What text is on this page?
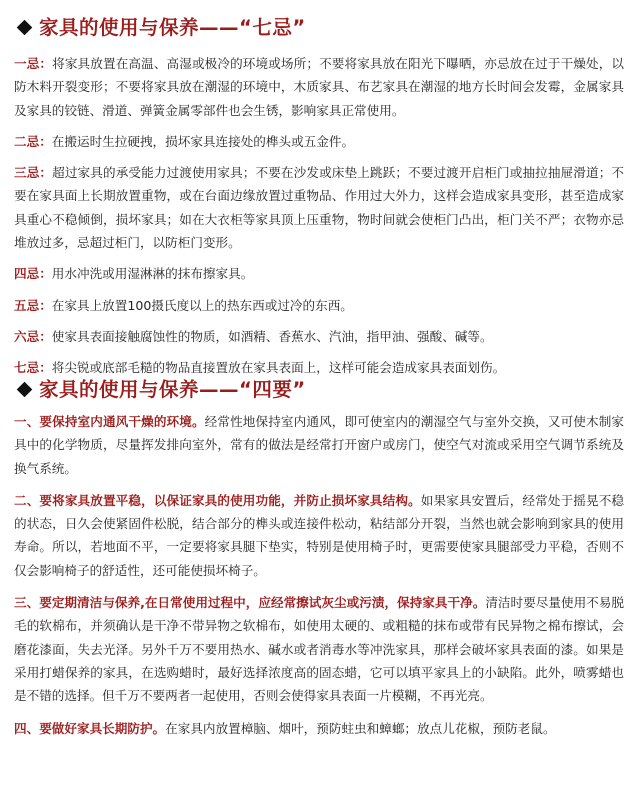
家具的使用与保养——“七忌”

一忌：将家具放置在高温、高湿或极冷的环境或场所；不要将家具放在阳光下曝晒，亦忌放在过于干燥处，以防木料开裂变形；不要将家具放在潮湿的环境中，木质家具、布艺家具在潮湿的地方长时间会发霉，金属家具及家具的铰链、滑道、弹簧金属零部件也会生锈，影响家具正常使用。

二忌：在搬运时生拉硬拽，损坏家具连接处的榫头或五金件。

三忌：超过家具的承受能力过渡使用家具；不要在沙发或床垫上跳跃；不要过渡开启柜门或抽拉抽屉滑道；不要在家具面上长期放置重物，或在台面边缘放置过重物品、作用过大外力，这样会造成家具变形，甚至造成家具重心不稳倾倒，损坏家具；如在大衣柜等家具顶上压重物，物时间就会使柜门凸出，柜门关不严；衣物亦忌堆放过多，忌超过柜门，以防柜门变形。

四忌：用水冲洗或用湿淋淋的抹布擦家具。

五忌：在家具上放置100摄氏度以上的热东西或过冷的东西。

六忌：使家具表面接触腐蚀性的物质，如酒精、香蕉水、汽油，指甲油、强酸、碱等。

七忌：将尖锐或底部毛糙的物品直接置放在家具表面上，这样可能会造成家具表面划伤。

家具的使用与保养——“四要”

一、要保持室内通风干燥的环境。经常性地保持室内通风，即可使室内的潮湿空气与室外交换，又可使木制家具中的化学物质，尽量挥发排向室外，常有的做法是经常打开窗户或房门，使空气对流或采用空气调节系统及换气系统。

二、要将家具放置平稳，以保证家具的使用功能，并防止损坏家具结构。如果家具安置后，经常处于摇晃不稳的状态，日久会使紧固件松脱，结合部分的榫头或连接件松动，粘结部分开裂，当然也就会影响到家具的使用寿命。所以，若地面不平，一定要将家具腿下垫实，特别是使用椅子时，更需要使家具腿部受力平稳，否则不仅会影响椅子的舒适性，还可能使损坏椅子。

三、要定期清洁与保养,在日常使用过程中，应经常擦试灰尘或污渍，保持家具干净。清洁时要尽量使用不易脱毛的软棉布，并须确认是干净不带异物之软棉布，如使用太硬的、或粗糙的抹布或带有民异物之棉布擦试，会磨花漆面，失去光泽。另外千万不要用热水、碱水或者消毒水等冲洗家具，那样会破坏家具表面的漆。如果是采用打蜡保养的家具，在选购蜡时，最好选择浓度高的固态蜡，它可以填平家具上的小缺陷。此外，喷雾蜡也是不错的选择。但千万不要两者一起使用，否则会使得家具表面一片模糊，不再光亮。

四、要做好家具长期防护。在家具内放置樟脑、烟叶，预防蛀虫和蟑螂；放点儿花椒，预防老鼠。
